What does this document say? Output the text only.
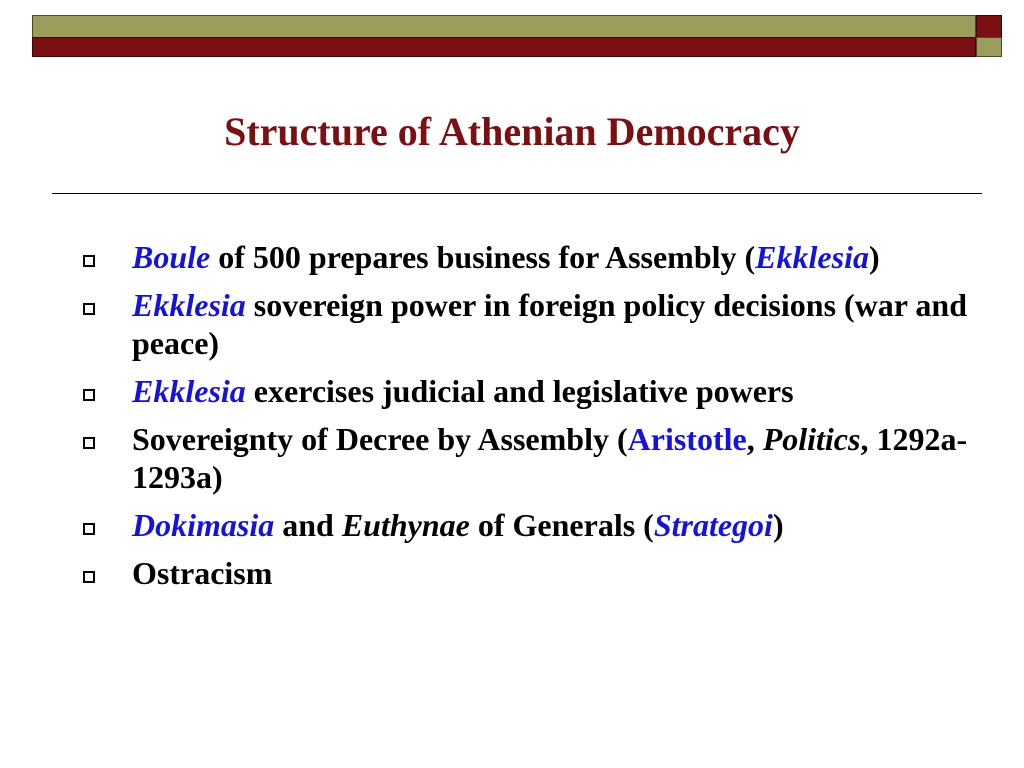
Structure of Athenian Democracy
Boule of 500 prepares business for Assembly (Ekklesia)
Ekklesia sovereign power in foreign policy decisions (war and peace)
Ekklesia exercises judicial and legislative powers
Sovereignty of Decree by Assembly (Aristotle, Politics, 1292a-1293a)
Dokimasia and Euthynae of Generals (Strategoi)
Ostracism
